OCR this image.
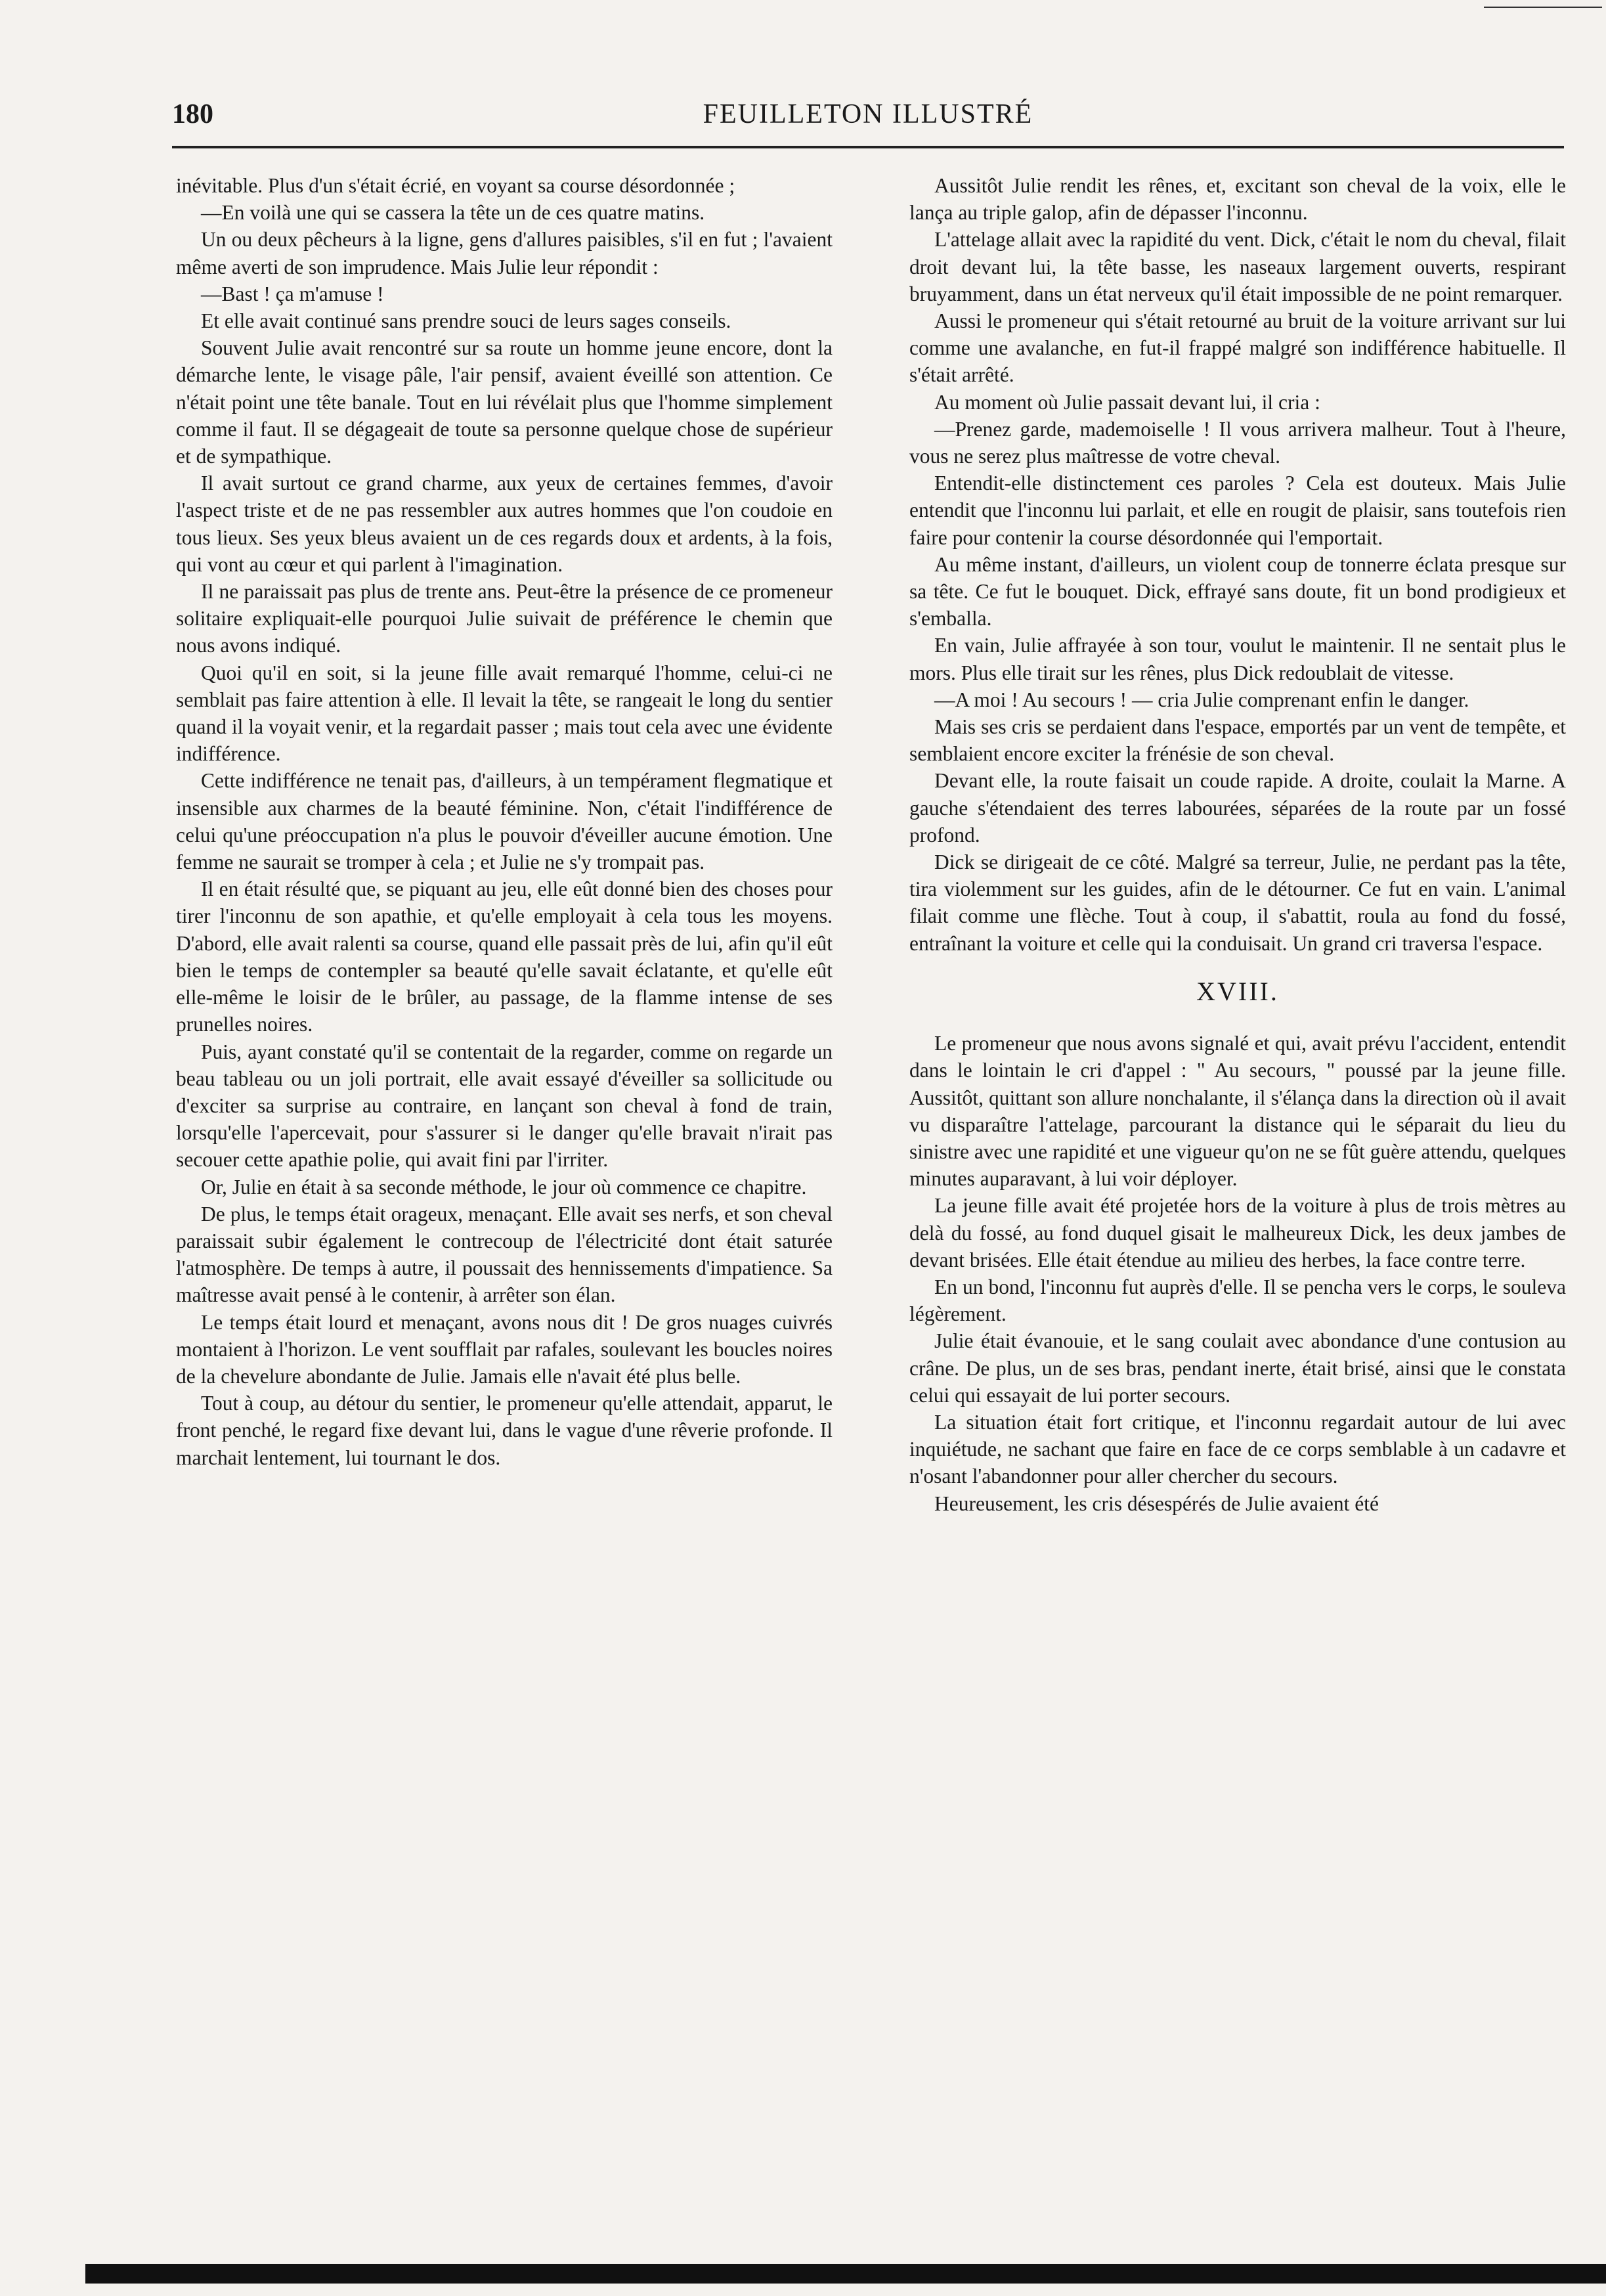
180	FEUILLETON ILLUSTRÉ

inévitable. Plus d'un s'était écrié, en voyant sa course désordonnée ;

—En voilà une qui se cassera la tête un de ces quatre matins.

Un ou deux pêcheurs à la ligne, gens d'allures paisibles, s'il en fut ; l'avaient même averti de son imprudence. Mais Julie leur répondit :

—Bast ! ça m'amuse !

Et elle avait continué sans prendre souci de leurs sages conseils.

Souvent Julie avait rencontré sur sa route un homme jeune encore, dont la démarche lente, le visage pâle, l'air pensif, avaient éveillé son attention. Ce n'était point une tête banale. Tout en lui révélait plus que l'homme simplement comme il faut. Il se dégageait de toute sa personne quelque chose de supérieur et de sympathique.

Il avait surtout ce grand charme, aux yeux de certaines femmes, d'avoir l'aspect triste et de ne pas ressembler aux autres hommes que l'on coudoie en tous lieux. Ses yeux bleus avaient un de ces regards doux et ardents, à la fois, qui vont au cœur et qui parlent à l'imagination.

Il ne paraissait pas plus de trente ans. Peut-être la présence de ce promeneur solitaire expliquait-elle pourquoi Julie suivait de préférence le chemin que nous avons indiqué.

Quoi qu'il en soit, si la jeune fille avait remarqué l'homme, celui-ci ne semblait pas faire attention à elle. Il levait la tête, se rangeait le long du sentier quand il la voyait venir, et la regardait passer ; mais tout cela avec une évidente indifférence.

Cette indifférence ne tenait pas, d'ailleurs, à un tempérament flegmatique et insensible aux charmes de la beauté féminine. Non, c'était l'indifférence de celui qu'une préoccupation n'a plus le pouvoir d'éveiller aucune émotion. Une femme ne saurait se tromper à cela ; et Julie ne s'y trompait pas.

Il en était résulté que, se piquant au jeu, elle eût donné bien des choses pour tirer l'inconnu de son apathie, et qu'elle employait à cela tous les moyens. D'abord, elle avait ralenti sa course, quand elle passait près de lui, afin qu'il eût bien le temps de contempler sa beauté qu'elle savait éclatante, et qu'elle eût elle-même le loisir de le brûler, au passage, de la flamme intense de ses prunelles noires.

Puis, ayant constaté qu'il se contentait de la regarder, comme on regarde un beau tableau ou un joli portrait, elle avait essayé d'éveiller sa sollicitude ou d'exciter sa surprise au contraire, en lançant son cheval à fond de train, lorsqu'elle l'apercevait, pour s'assurer si le danger qu'elle bravait n'irait pas secouer cette apathie polie, qui avait fini par l'irriter.

Or, Julie en était à sa seconde méthode, le jour où commence ce chapitre.

De plus, le temps était orageux, menaçant. Elle avait ses nerfs, et son cheval paraissait subir également le contrecoup de l'électricité dont était saturée l'atmosphère. De temps à autre, il poussait des hennissements d'impatience. Sa maîtresse avait pensé à le contenir, à arrêter son élan.

Le temps était lourd et menaçant, avons nous dit ! De gros nuages cuivrés montaient à l'horizon. Le vent soufflait par rafales, soulevant les boucles noires de la chevelure abondante de Julie. Jamais elle n'avait été plus belle.

Tout à coup, au détour du sentier, le promeneur qu'elle attendait, apparut, le front penché, le regard fixe devant lui, dans le vague d'une rêverie profonde. Il marchait lentement, lui tournant le dos.

Aussitôt Julie rendit les rênes, et, excitant son cheval de la voix, elle le lança au triple galop, afin de dépasser l'inconnu.

L'attelage allait avec la rapidité du vent. Dick, c'était le nom du cheval, filait droit devant lui, la tête basse, les naseaux largement ouverts, respirant bruyamment, dans un état nerveux qu'il était impossible de ne point remarquer.

Aussi le promeneur qui s'était retourné au bruit de la voiture arrivant sur lui comme une avalanche, en fut-il frappé malgré son indifférence habituelle. Il s'était arrêté.

Au moment où Julie passait devant lui, il cria :

—Prenez garde, mademoiselle ! Il vous arrivera malheur. Tout à l'heure, vous ne serez plus maîtresse de votre cheval.

Entendit-elle distinctement ces paroles ? Cela est douteux. Mais Julie entendit que l'inconnu lui parlait, et elle en rougit de plaisir, sans toutefois rien faire pour contenir la course désordonnée qui l'emportait.

Au même instant, d'ailleurs, un violent coup de tonnerre éclata presque sur sa tête. Ce fut le bouquet. Dick, effrayé sans doute, fit un bond prodigieux et s'emballa.

En vain, Julie affrayée à son tour, voulut le maintenir. Il ne sentait plus le mors. Plus elle tirait sur les rênes, plus Dick redoublait de vitesse.

—A moi ! Au secours ! — cria Julie comprenant enfin le danger.

Mais ses cris se perdaient dans l'espace, emportés par un vent de tempête, et semblaient encore exciter la frénésie de son cheval.

Devant elle, la route faisait un coude rapide. A droite, coulait la Marne. A gauche s'étendaient des terres labourées, séparées de la route par un fossé profond.

Dick se dirigeait de ce côté. Malgré sa terreur, Julie, ne perdant pas la tête, tira violemment sur les guides, afin de le détourner. Ce fut en vain. L'animal filait comme une flèche. Tout à coup, il s'abattit, roula au fond du fossé, entraînant la voiture et celle qui la conduisait. Un grand cri traversa l'espace.

XVIII.

Le promeneur que nous avons signalé et qui, avait prévu l'accident, entendit dans le lointain le cri d'appel : " Au secours, " poussé par la jeune fille. Aussitôt, quittant son allure nonchalante, il s'élança dans la direction où il avait vu disparaître l'attelage, parcourant la distance qui le séparait du lieu du sinistre avec une rapidité et une vigueur qu'on ne se fût guère attendu, quelques minutes auparavant, à lui voir déployer.

La jeune fille avait été projetée hors de la voiture à plus de trois mètres au delà du fossé, au fond duquel gisait le malheureux Dick, les deux jambes de devant brisées. Elle était étendue au milieu des herbes, la face contre terre.

En un bond, l'inconnu fut auprès d'elle. Il se pencha vers le corps, le souleva légèrement.

Julie était évanouie, et le sang coulait avec abondance d'une contusion au crâne. De plus, un de ses bras, pendant inerte, était brisé, ainsi que le constata celui qui essayait de lui porter secours.

La situation était fort critique, et l'inconnu regardait autour de lui avec inquiétude, ne sachant que faire en face de ce corps semblable à un cadavre et n'osant l'abandonner pour aller chercher du secours.

Heureusement, les cris désespérés de Julie avaient été
